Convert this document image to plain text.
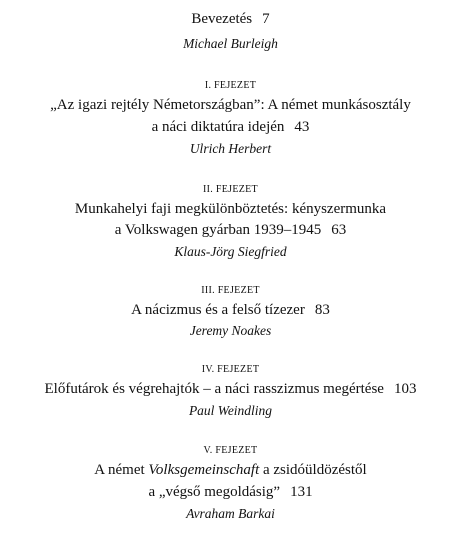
Bevezetés 7
Michael Burleigh
I. FEJEZET
„Az igazi rejtély Németországban”: A német munkásosztály
a náci diktatúra idején 43
Ulrich Herbert
II. FEJEZET
Munkahelyi faji megkülönböztetés: kényszermunka
a Volkswagen gyárban 1939–1945 63
Klaus-Jörg Siegfried
III. FEJEZET
A nácizmus és a felső tízezer 83
Jeremy Noakes
IV. FEJEZET
Előfutárok és végrehajtók – a náci rasszizmus megértése 103
Paul Weindling
V. FEJEZET
A német Volksgemeinschaft a zsidóüldözéstől
a „végső megoldásig” 131
Avraham Barkai
